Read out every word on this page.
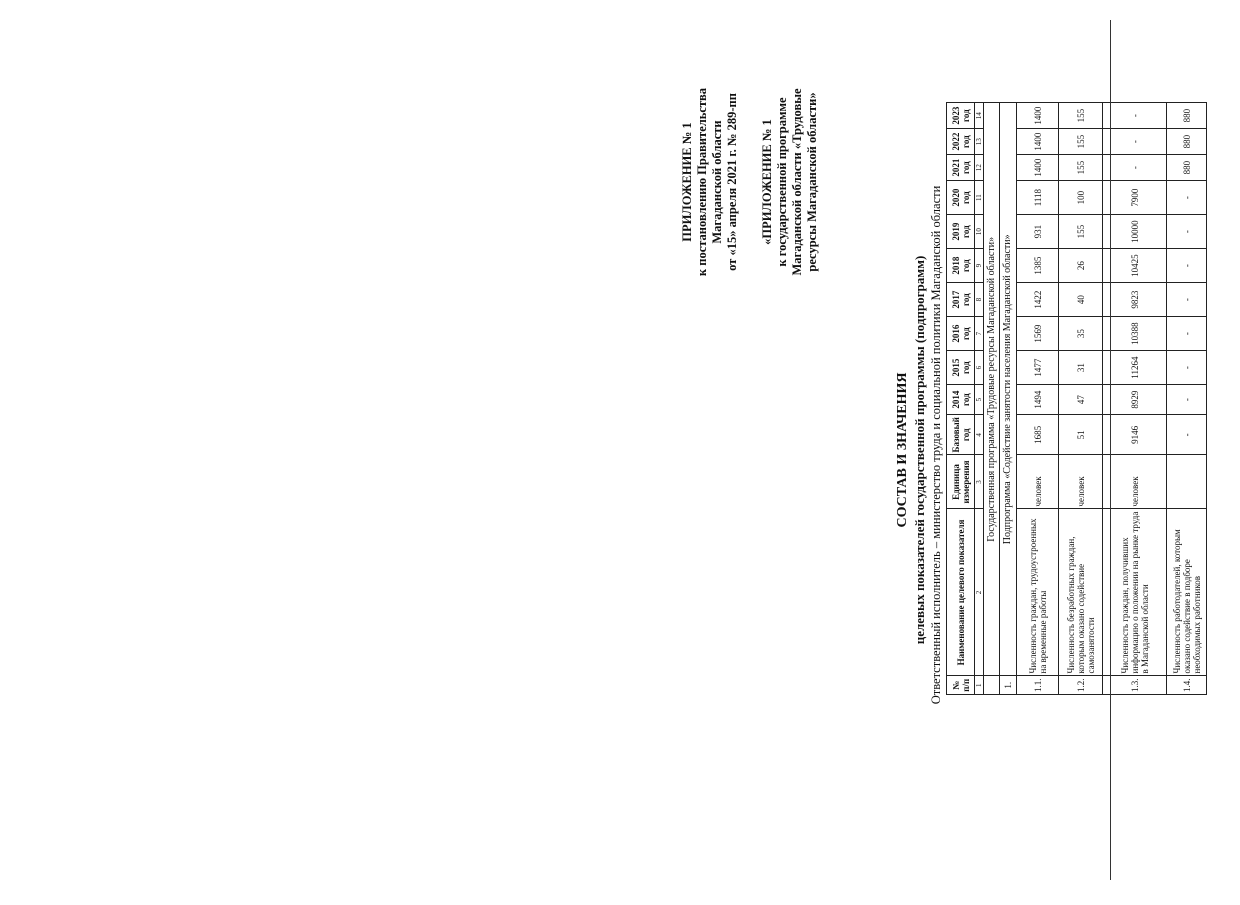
ПРИЛОЖЕНИЕ № 1 к постановлению Правительства Магаданской области от «15» апреля 2021 г. № 289-пп «ПРИЛОЖЕНИЕ № 1 к государственной программе Магаданской области «Трудовые ресурсы Магаданской области»
СОСТАВ И ЗНАЧЕНИЯ целевых показателей государственной программы (подпрограмм) Ответственный исполнитель – министерство труда и социальной политики Магаданской области № п/п	Наименование целевого показателя	Единица измерения	Базовый год	2014 год	2015 год	2016 год	2017 год	2018 год	2019 год	2020 год	2021 год	2022 год	2023 год
1	2	3	4	5	6	7	8	9	10	11	12	13	14
	Государственная программа «Трудовые ресурсы Магаданской области»												
1.	Подпрограмма «Содействие занятости населения Магаданской области»												
1.1.	Численность граждан, трудоустроенных на временные работы	человек	1685	1494	1477	1569	1422	1385	931	1118	1400	1400	1400
1.2.	Численность безработных граждан, которым оказано содействие самозанятости	человек	51	47	31	35	40	26	155	100	155	155	155
1.3.	Численность граждан, получивших информацию о положении на рынке труда в Магаданской области	человек	9146	8929	11264	10388	9823	10425	10000	7900	-	-	-
1.4.	Численность работодателей, которым оказано содействие в подборе необходимых работников		-	-	-	-	-	-	-	-	880	880	880
